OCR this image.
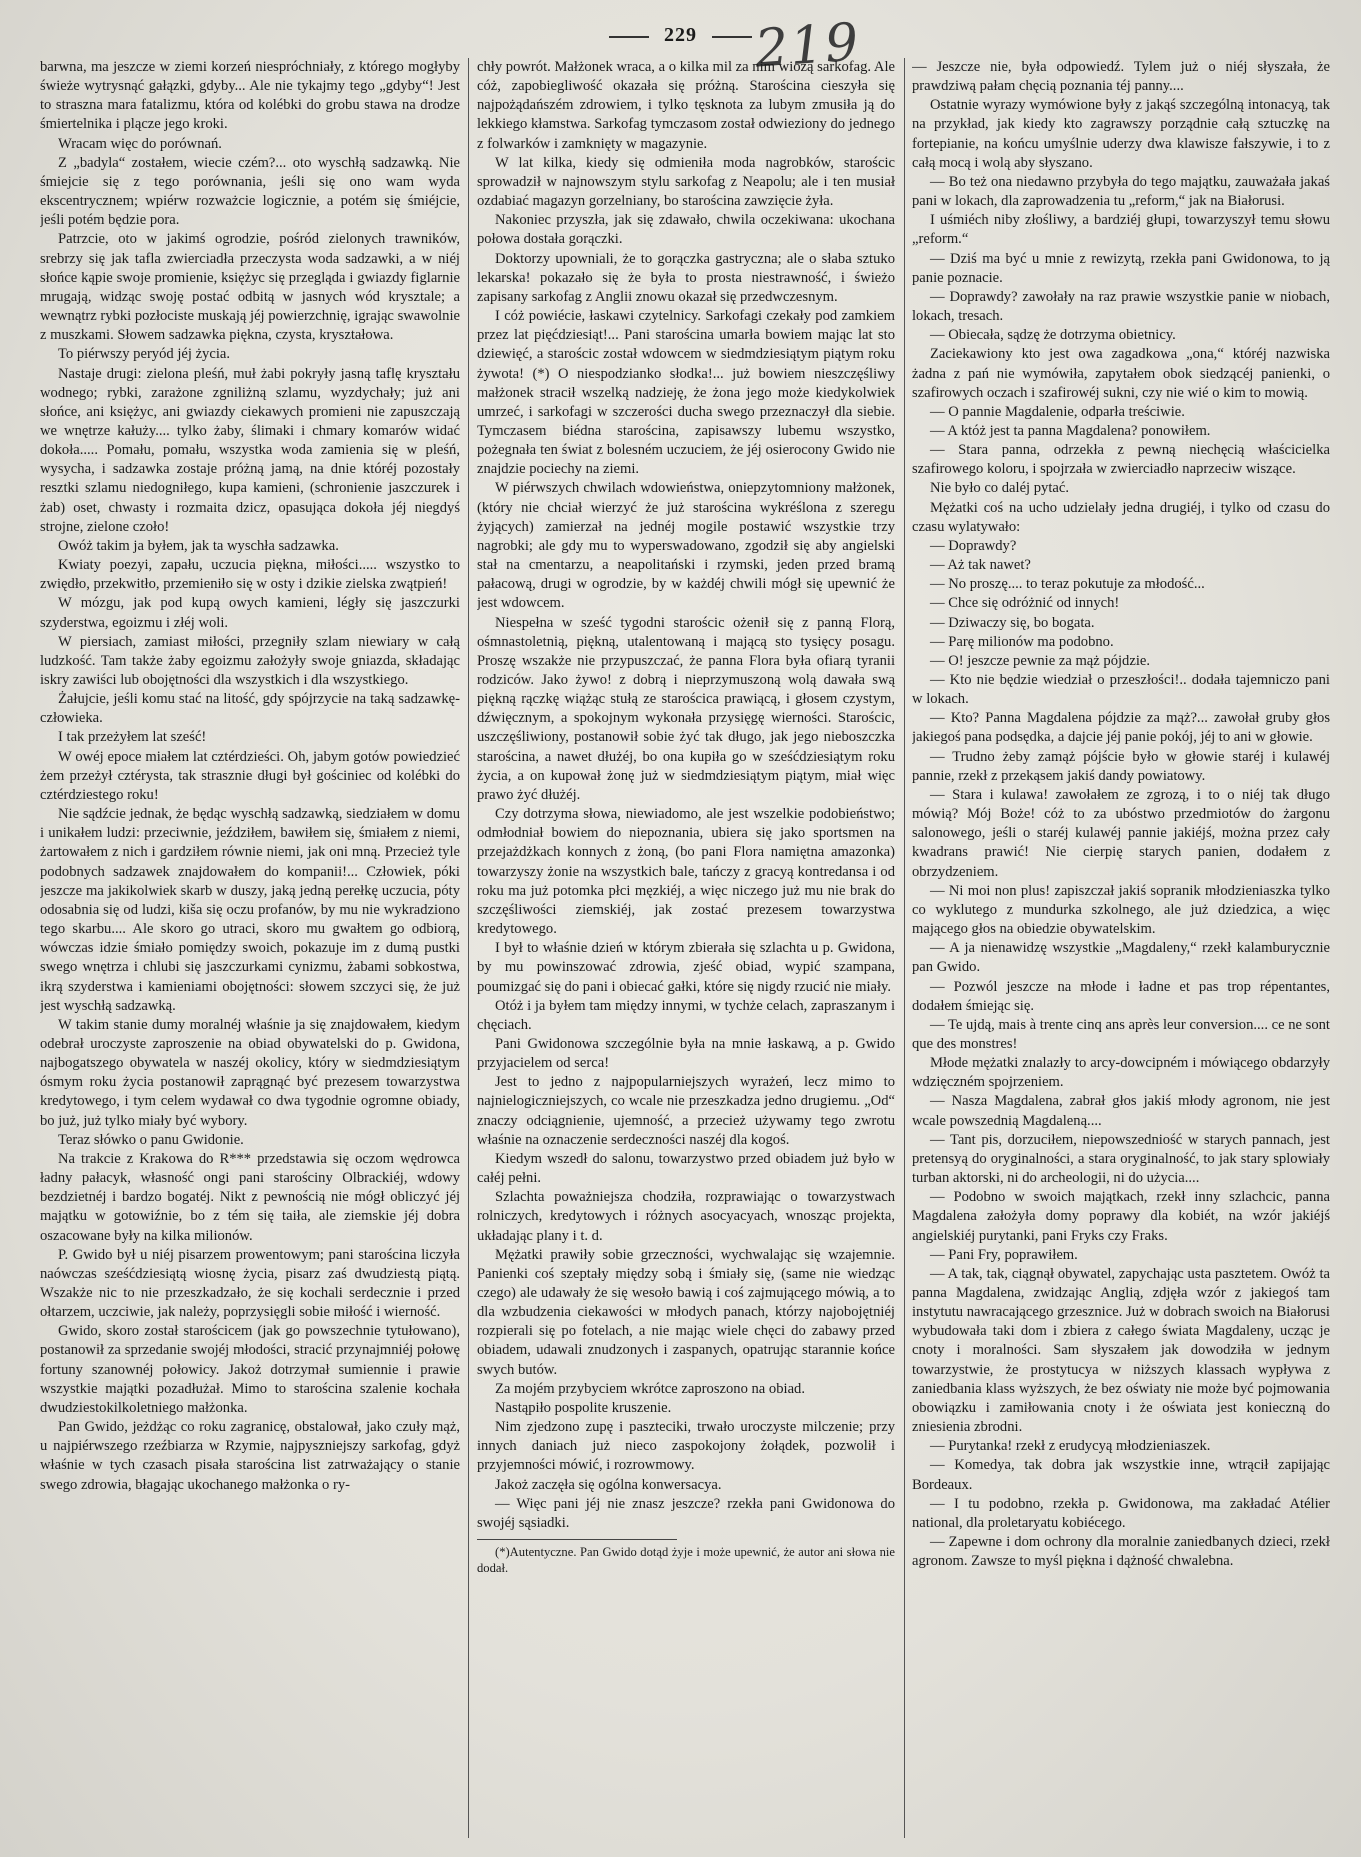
229 219

barwna, ma jeszcze w ziemi korzeń niespróchniały, z którego mogłyby świeże wytrysnąć gałązki, gdyby... Ale nie tykajmy tego „gdyby“! Jest to straszna mara fatalizmu, która od kolébki do grobu stawa na drodze śmiertelnika i plącze jego kroki.

Wracam więc do porównań.

Z „badyla“ zostałem, wiecie czém?... oto wyschłą sadzawką. Nie śmiejcie się z tego porównania, jeśli się ono wam wyda ekscentrycznem; wpiérw rozważcie logicznie, a potém się śmiéjcie, jeśli potém będzie pora.

Patrzcie, oto w jakimś ogrodzie, pośród zielonych trawników, srebrzy się jak tafla zwierciadła przeczysta woda sadzawki, a w niéj słońce kąpie swoje promienie, księżyc się przegląda i gwiazdy figlarnie mrugają, widząc swoję postać odbitą w jasnych wód krysztale; a wewnątrz rybki pozłociste muskają jéj powierzchnię, igrając swawolnie z muszkami. Słowem sadzawka piękna, czysta, kryształowa.

To piérwszy peryód jéj życia.

Nastaje drugi: zielona pleśń, muł żabi pokryły jasną taflę kryształu wodnego; rybki, zarażone zgniliżną szlamu, wyzdychały; już ani słońce, ani księżyc, ani gwiazdy ciekawych promieni nie zapuszczają we wnętrze kałuży.... tylko żaby, ślimaki i chmary komarów widać dokoła..... Pomału, pomału, wszystka woda zamienia się w pleśń, wysycha, i sadzawka zostaje próżną jamą, na dnie któréj pozostały resztki szlamu niedogniłego, kupa kamieni, (schronienie jaszczurek i żab) oset, chwasty i rozmaita dzicz, opasująca dokoła jéj niegdyś strojne, zielone czoło!

Owóż takim ja byłem, jak ta wyschła sadzawka.

Kwiaty poezyi, zapału, uczucia piękna, miłości..... wszystko to zwiędło, przekwitło, przemieniło się w osty i dzikie zielska zwątpień!

W mózgu, jak pod kupą owych kamieni, légły się jaszczurki szyderstwa, egoizmu i złéj woli.

W piersiach, zamiast miłości, przegniły szlam niewiary w całą ludzkość. Tam także żaby egoizmu założyły swoje gniazda, składając iskry zawiści lub obojętności dla wszystkich i dla wszystkiego.

Żałujcie, jeśli komu stać na litość, gdy spójrzycie na taką sadzawkę-człowieka.

I tak przeżyłem lat sześć!

W owéj epoce miałem lat cztérdzieści. Oh, jabym gotów powiedzieć żem przeżył cztérysta, tak strasznie długi był gościniec od kolébki do cztérdziestego roku!

Nie sądźcie jednak, że będąc wyschłą sadzawką, siedziałem w domu i unikałem ludzi: przeciwnie, jeździłem, bawiłem się, śmiałem z niemi, żartowałem z nich i gardziłem równie niemi, jak oni mną. Przecież tyle podobnych sadzawek znajdowałem do kompanii!... Człowiek, póki jeszcze ma jakikolwiek skarb w duszy, jaką jedną perełkę uczucia, póty odosabnia się od ludzi, kiša się oczu profanów, by mu nie wykradziono tego skarbu.... Ale skoro go utraci, skoro mu gwałtem go odbiorą, wówczas idzie śmiało pomiędzy swoich, pokazuje im z dumą pustki swego wnętrza i chlubi się jaszczurkami cynizmu, żabami sobkostwa, ikrą szyderstwa i kamieniami obojętności: słowem szczyci się, że już jest wyschłą sadzawką.

W takim stanie dumy moralnéj właśnie ja się znajdowałem, kiedym odebrał uroczyste zaproszenie na obiad obywatelski do p. Gwidona, najbogatszego obywatela w naszéj okolicy, który w siedmdziesiątym ósmym roku życia postanowił zaprągnąć być prezesem towarzystwa kredytowego, i tym celem wydawał co dwa tygodnie ogromne obiady, bo już, już tylko miały być wybory.

Teraz słówko o panu Gwidonie.

Na trakcie z Krakowa do R*** przedstawia się oczom wędrowca ładny pałacyk, własność ongi pani starościny Olbrackiéj, wdowy bezdzietnéj i bardzo bogatéj. Nikt z pewnością nie mógł obliczyć jéj majątku w gotowiźnie, bo z tém się taiła, ale ziemskie jéj dobra oszacowane były na kilka milionów.

P. Gwido był u niéj pisarzem prowentowym; pani starościna liczyła naówczas sześćdziesiątą wiosnę życia, pisarz zaś dwudziestą piątą. Wszakże nic to nie przeszkadzało, że się kochali serdecznie i przed ołtarzem, uczciwie, jak należy, poprzysięgli sobie miłość i wierność.

Gwido, skoro został starościcem (jak go powszechnie tytułowano), postanowił za sprzedanie swojéj młodości, stracić przynajmniéj połowę fortuny szanownéj połowicy. Jakoż dotrzymał sumiennie i prawie wszystkie majątki pozadłużał. Mimo to starościna szalenie kochała dwudziestokilkoletniego małżonka.

Pan Gwido, jeżdżąc co roku zagranicę, obstalował, jako czuły mąż, u najpiérwszego rzeźbiarza w Rzymie, najpyszniejszy sarkofag, gdyż właśnie w tych czasach pisała starościna list zatrważający o stanie swego zdrowia, błagając ukochanego małżonka o ry-

chły powrót. Małżonek wraca, a o kilka mil za nim wiozą sarkofag. Ale cóż, zapobiegliwość okazała się próżną. Starościna cieszyła się najpożądańszém zdrowiem, i tylko tęsknota za lubym zmusiła ją do lekkiego kłamstwa. Sarkofag tymczasom został odwieziony do jednego z folwarków i zamknięty w magazynie.

W lat kilka, kiedy się odmieniła moda nagrobków, starościc sprowadził w najnowszym stylu sarkofag z Neapolu; ale i ten musiał ozdabiać magazyn gorzelniany, bo starościna zawzięcie żyła.

Nakoniec przyszła, jak się zdawało, chwila oczekiwana: ukochana połowa dostała gorączki.

Doktorzy upowniali, że to gorączka gastryczna; ale o słaba sztuko lekarska! pokazało się że była to prosta niestrawność, i świeżo zapisany sarkofag z Anglii znowu okazał się przedwczesnym.

I cóż powiécie, łaskawi czytelnicy. Sarkofagi czekały pod zamkiem przez lat pięćdziesiąt!... Pani starościna umarła bowiem mając lat sto dziewięć, a starościc został wdowcem w siedmdziesiątym piątym roku żywota! (*) O niespodzianko słodka!... już bowiem nieszczęśliwy małżonek stracił wszelką nadzieję, że żona jego może kiedykolwiek umrzeć, i sarkofagi w szczerości ducha swego przeznaczył dla siebie. Tymczasem biédna starościna, zapisawszy lubemu wszystko, pożegnała ten świat z bolesném uczuciem, że jéj osierocony Gwido nie znajdzie pociechy na ziemi.

W piérwszych chwilach wdowieństwa, oniepzytomniony małżonek, (który nie chciał wierzyć że już starościna wykréślona z szeregu żyjących) zamierzał na jednéj mogile postawić wszystkie trzy nagrobki; ale gdy mu to wyperswadowano, zgodził się aby angielski stał na cmentarzu, a neapolitański i rzymski, jeden przed bramą pałacową, drugi w ogrodzie, by w każdéj chwili mógł się upewnić że jest wdowcem.

Niespełna w sześć tygodni starościc ożenił się z panną Florą, ośmnastoletnią, piękną, utalentowaną i mającą sto tysięcy posagu. Proszę wszakże nie przypuszczać, że panna Flora była ofiarą tyranii rodziców. Jako żywo! z dobrą i nieprzymuszoną wolą dawała swą piękną rączkę wiążąc stułą ze starościca prawiącą, i głosem czystym, dźwięcznym, a spokojnym wykonała przysięgę wierności. Starościc, uszczęśliwiony, postanowił sobie żyć tak długo, jak jego nieboszczka starościna, a nawet dłużéj, bo ona kupiła go w sześćdziesiątym roku życia, a on kupował żonę już w siedmdziesiątym piątym, miał więc prawo żyć dłużéj.

Czy dotrzyma słowa, niewiadomo, ale jest wszelkie podobieństwo; odmłodniał bowiem do niepoznania, ubiera się jako sportsmen na przejażdżkach konnych z żoną, (bo pani Flora namiętna amazonka) towarzyszy żonie na wszystkich bale, tańczy z gracyą kontredansa i od roku ma już potomka płci męzkiéj, a więc niczego już mu nie brak do szczęśliwości ziemskiéj, jak zostać prezesem towarzystwa kredytowego.

I był to właśnie dzień w którym zbierała się szlachta u p. Gwidona, by mu powinszować zdrowia, zjeść obiad, wypić szampana, poumizgać się do pani i obiecać gałki, które się nigdy rzucić nie miały.

Otóż i ja byłem tam między innymi, w tychże celach, zapraszanym i chęciach.

Pani Gwidonowa szczególnie była na mnie łaskawą, a p. Gwido przyjacielem od serca!

Jest to jedno z najpopularniejszych wyrażeń, lecz mimo to najnielogiczniejszych, co wcale nie przeszkadza jedno drugiemu. „Od“ znaczy odciągnienie, ujemność, a przecież używamy tego zwrotu właśnie na oznaczenie serdeczności naszéj dla kogoś.

Kiedym wszedł do salonu, towarzystwo przed obiadem już było w całéj pełni.

Szlachta poważniejsza chodziła, rozprawiając o towarzystwach rolniczych, kredytowych i różnych asocyacyach, wnosząc projekta, układając plany i t. d.

Mężatki prawiły sobie grzeczności, wychwalając się wzajemnie. Panienki coś szeptały między sobą i śmiały się, (same nie wiedząc czego) ale udawały że się wesoło bawią i coś zajmującego mówią, a to dla wzbudzenia ciekawości w młodych panach, którzy najobojętniéj rozpierali się po fotelach, a nie mając wiele chęci do zabawy przed obiadem, udawali znudzonych i zaspanych, opatrując starannie końce swych butów.

Za mojém przybyciem wkrótce zaproszono na obiad.

Nastąpiło pospolite kruszenie.

Nim zjedzono zupę i paszteciki, trwało uroczyste milczenie; przy innych daniach już nieco zaspokojony żołądek, pozwolił i przyjemności mówić, i rozrowmowy.

Jakoż zaczęła się ogólna konwersacya.

— Więc pani jéj nie znasz jeszcze? rzekła pani Gwidonowa do swojéj sąsiadki.

(*)Autentyczne. Pan Gwido dotąd żyje i może upewnić, że autor ani słowa nie dodał.

— Jeszcze nie, była odpowiedź. Tylem już o niéj słyszała, że prawdziwą pałam chęcią poznania téj panny....

Ostatnie wyrazy wymówione były z jakąś szczególną intonacyą, tak na przykład, jak kiedy kto zagrawszy porządnie całą sztuczkę na fortepianie, na końcu umyślnie uderzy dwa klawisze fałszywie, i to z całą mocą i wolą aby słyszano.

— Bo też ona niedawno przybyła do tego majątku, zauważała jakaś pani w lokach, dla zaprowadzenia tu „reform,“ jak na Białorusi.

I uśmiéch niby złośliwy, a bardziéj głupi, towarzyszył temu słowu „reform.“

— Dziś ma być u mnie z rewizytą, rzekła pani Gwidonowa, to ją panie poznacie.

— Doprawdy? zawołały na raz prawie wszystkie panie w niobach, lokach, tresach.

— Obiecała, sądzę że dotrzyma obietnicy.

Zaciekawiony kto jest owa zagadkowa „ona,“ któréj nazwiska żadna z pań nie wymówiła, zapytałem obok siedzącéj panienki, o szafirowych oczach i szafirowéj sukni, czy nie wié o kim to mowią.

— O pannie Magdalenie, odparła treściwie.

— A któż jest ta panna Magdalena? ponowiłem.

— Stara panna, odrzekła z pewną niechęcią właścicielka szafirowego koloru, i spojrzała w zwierciadło naprzeciw wiszące.

Nie było co daléj pytać.

Mężatki coś na ucho udzielały jedna drugiéj, i tylko od czasu do czasu wylatywało:

— Doprawdy?

— Aż tak nawet?

— No proszę.... to teraz pokutuje za młodość...

— Chce się odróżnić od innych!

— Dziwaczy się, bo bogata.

— Parę milionów ma podobno.

— O! jeszcze pewnie za mąż pójdzie.

— Kto nie będzie wiedział o przeszłości!.. dodała tajemniczo pani w lokach.

— Kto? Panna Magdalena pójdzie za mąż?... zawołał gruby głos jakiegoś pana podsędka, a dajcie jéj panie pokój, jéj to ani w głowie.

— Trudno żeby zamąż pójście było w głowie staréj i kulawéj pannie, rzekł z przekąsem jakiś dandy powiatowy.

— Stara i kulawa! zawołałem ze zgrozą, i to o niéj tak długo mówią? Mój Boże! cóż to za ubóstwo przedmiotów do żargonu salonowego, jeśli o staréj kulawéj pannie jakiéjś, można przez cały kwadrans prawić! Nie cierpię starych panien, dodałem z obrzydzeniem.

— Ni moi non plus! zapiszczał jakiś sopranik młodzieniaszka tylko co wyklutego z mundurka szkolnego, ale już dziedzica, a więc mającego głos na obiedzie obywatelskim.

— A ja nienawidzę wszystkie „Magdaleny,“ rzekł kalamburycznie pan Gwido.

— Pozwól jeszcze na młode i ładne et pas trop répentantes, dodałem śmiejąc się.

— Te ujdą, mais à trente cinq ans après leur conversion.... ce ne sont que des monstres!

Młode mężatki znalazły to arcy-dowcipném i mówiącego obdarzyły wdzięczném spojrzeniem.

— Nasza Magdalena, zabrał głos jakiś młody agronom, nie jest wcale powszednią Magdaleną....

— Tant pis, dorzuciłem, niepowszedniość w starych pannach, jest pretensyą do oryginalności, a stara oryginalność, to jak stary splowiały turban aktorski, ni do archeologii, ni do użycia....

— Podobno w swoich majątkach, rzekł inny szlachcic, panna Magdalena założyła domy poprawy dla kobiét, na wzór jakiéjś angielskiéj purytanki, pani Fryks czy Fraks.

— Pani Fry, poprawiłem.

— A tak, tak, ciągnął obywatel, zapychając usta pasztetem. Owóż ta panna Magdalena, zwidzając Anglią, zdjęła wzór z jakiegoś tam instytutu nawracającego grzesznice. Już w dobrach swoich na Białorusi wybudowała taki dom i zbiera z całego świata Magdaleny, ucząc je cnoty i moralności. Sam słyszałem jak dowodziła w jednym towarzystwie, że prostytucya w niższych klassach wypływa z zaniedbania klass wyższych, że bez oświaty nie może być pojmowania obowiązku i zamiłowania cnoty i że oświata jest konieczną do zniesienia zbrodni.

— Purytanka! rzekł z erudycyą młodzieniaszek.

— Komedya, tak dobra jak wszystkie inne, wtrącił zapijając Bordeaux.

— I tu podobno, rzekła p. Gwidonowa, ma zakładać Atélier national, dla proletaryatu kobiécego.

— Zapewne i dom ochrony dla moralnie zaniedbanych dzieci, rzekł agronom. Zawsze to myśl piękna i dążność chwalebna.
